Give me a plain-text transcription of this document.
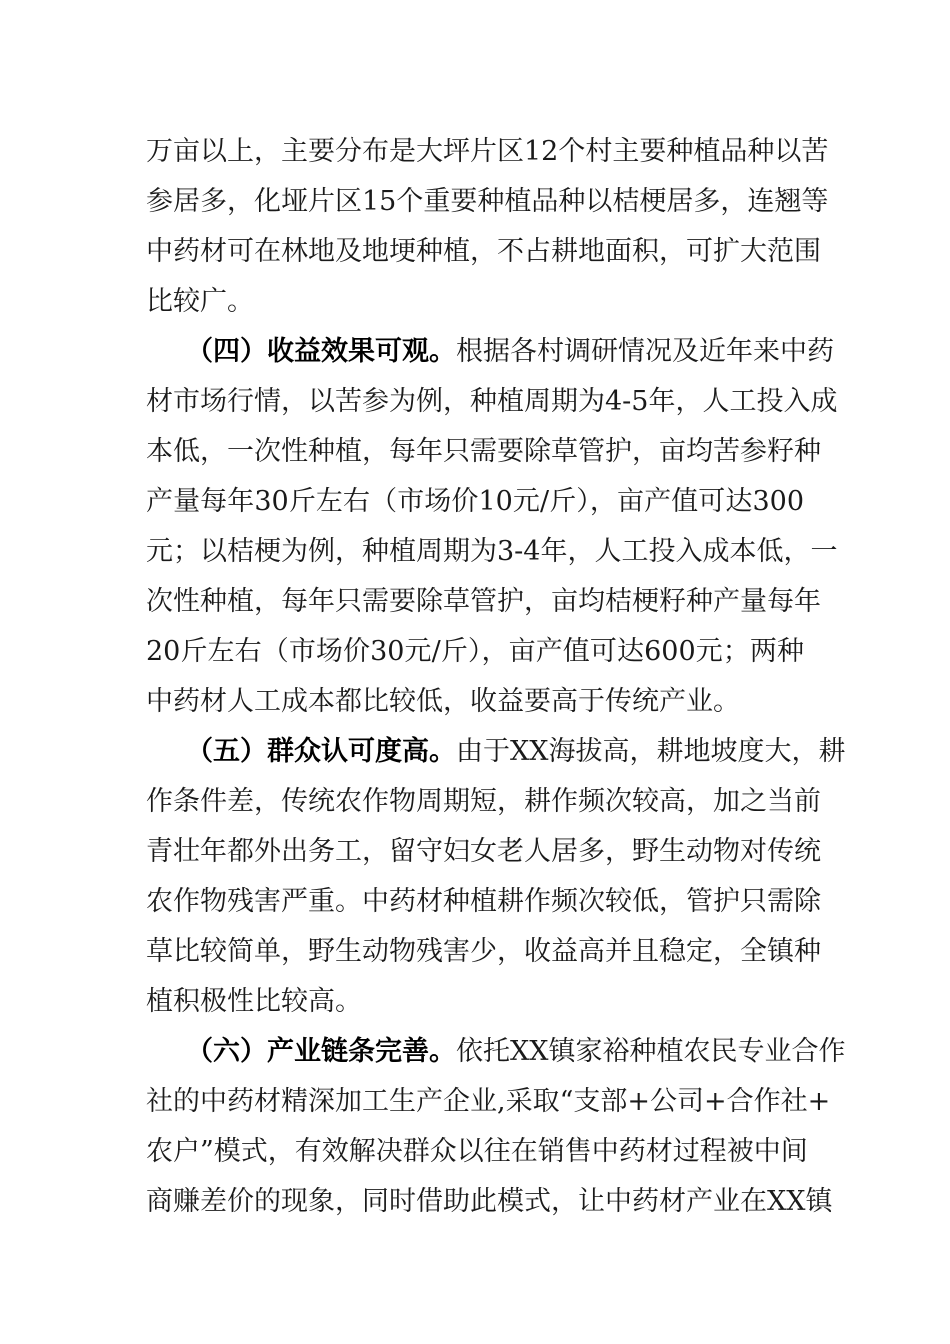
万亩以上，主要分布是大坪片区12个村主要种植品种以苦
参居多，化垭片区15个重要种植品种以桔梗居多，连翘等
中药材可在林地及地埂种植，不占耕地面积，可扩大范围
比较广。
（四）收益效果可观。根据各村调研情况及近年来中药
材市场行情，以苦参为例，种植周期为4-5年，人工投入成
本低，一次性种植，每年只需要除草管护，亩均苦参籽种
产量每年30斤左右（市场价10元/斤），亩产值可达300
元；以桔梗为例，种植周期为3-4年，人工投入成本低，一
次性种植，每年只需要除草管护，亩均桔梗籽种产量每年
20斤左右（市场价30元/斤），亩产值可达600元；两种
中药材人工成本都比较低，收益要高于传统产业。
（五）群众认可度高。由于XX海拔高，耕地坡度大，耕
作条件差，传统农作物周期短，耕作频次较高，加之当前
青壮年都外出务工，留守妇女老人居多，野生动物对传统
农作物残害严重。中药材种植耕作频次较低，管护只需除
草比较简单，野生动物残害少，收益高并且稳定，全镇种
植积极性比较高。
（六）产业链条完善。依托XX镇家裕种植农民专业合作
社的中药材精深加工生产企业,采取“支部+公司+合作社+
农户”模式，有效解决群众以往在销售中药材过程被中间
商赚差价的现象，同时借助此模式，让中药材产业在XX镇
